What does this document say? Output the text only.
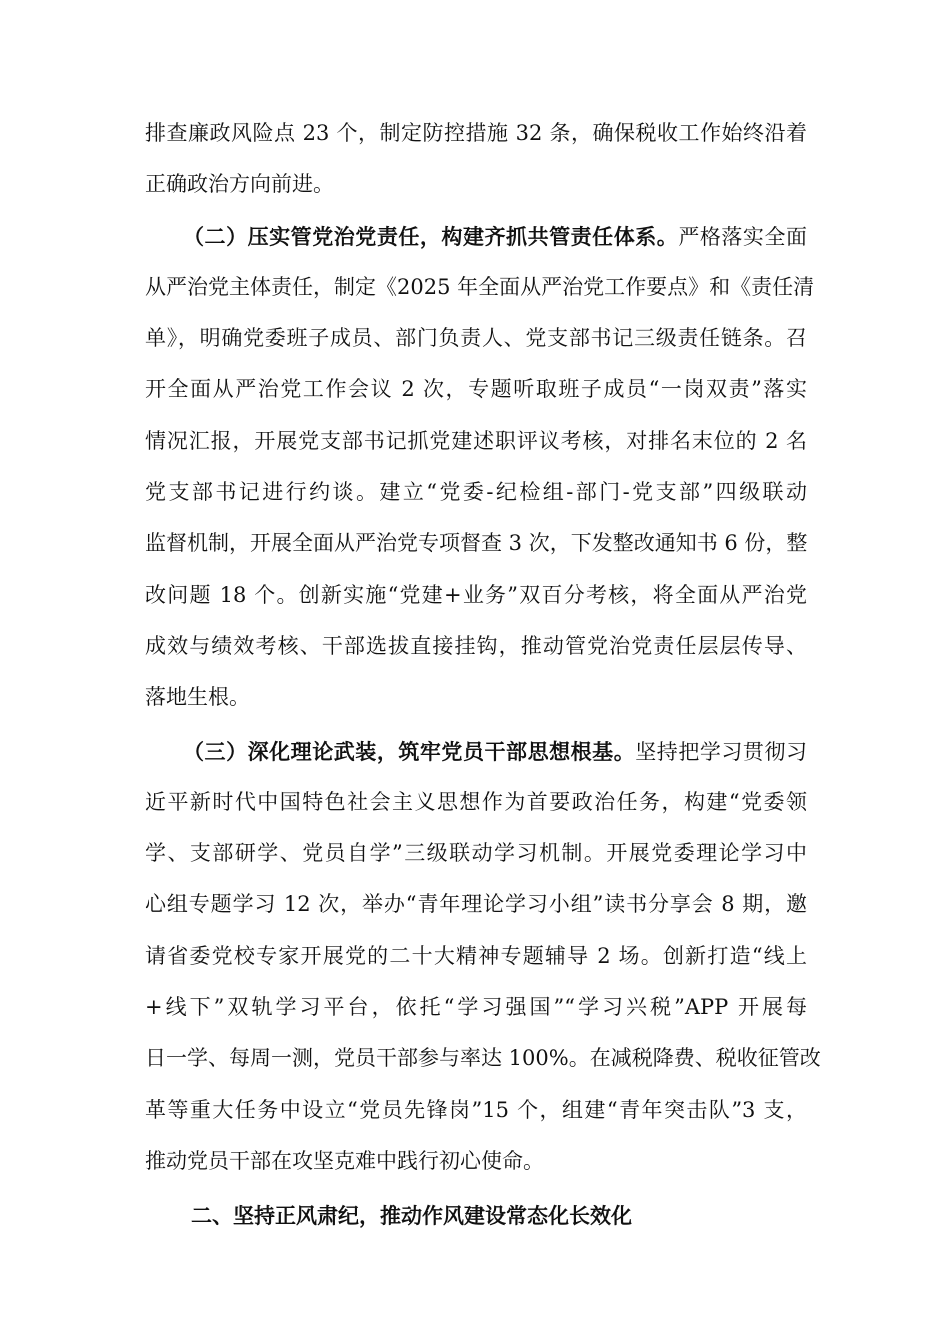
排查廉政风险点 23 个，制定防控措施 32 条，确保税收工作始终沿着
正确政治方向前进。
（二）压实管党治党责任，构建齐抓共管责任体系。严格落实全面
从严治党主体责任，制定《2025 年全面从严治党工作要点》和《责任清
单》，明确党委班子成员、部门负责人、党支部书记三级责任链条。召
开全面从严治党工作会议 2 次，专题听取班子成员“一岗双责”落实
情况汇报，开展党支部书记抓党建述职评议考核，对排名末位的 2 名
党支部书记进行约谈。建立“党委-纪检组-部门-党支部”四级联动
监督机制，开展全面从严治党专项督查 3 次，下发整改通知书 6 份，整
改问题 18 个。创新实施“党建+业务”双百分考核，将全面从严治党
成效与绩效考核、干部选拔直接挂钩，推动管党治党责任层层传导、
落地生根。
（三）深化理论武装，筑牢党员干部思想根基。坚持把学习贯彻习
近平新时代中国特色社会主义思想作为首要政治任务，构建“党委领
学、支部研学、党员自学”三级联动学习机制。开展党委理论学习中
心组专题学习 12 次，举办“青年理论学习小组”读书分享会 8 期，邀
请省委党校专家开展党的二十大精神专题辅导 2 场。创新打造“线上
+线下”双轨学习平台，依托“学习强国”“学习兴税”APP 开展每
日一学、每周一测，党员干部参与率达 100%。在减税降费、税收征管改
革等重大任务中设立“党员先锋岗”15 个，组建“青年突击队”3 支，
推动党员干部在攻坚克难中践行初心使命。
二、坚持正风肃纪，推动作风建设常态化长效化
